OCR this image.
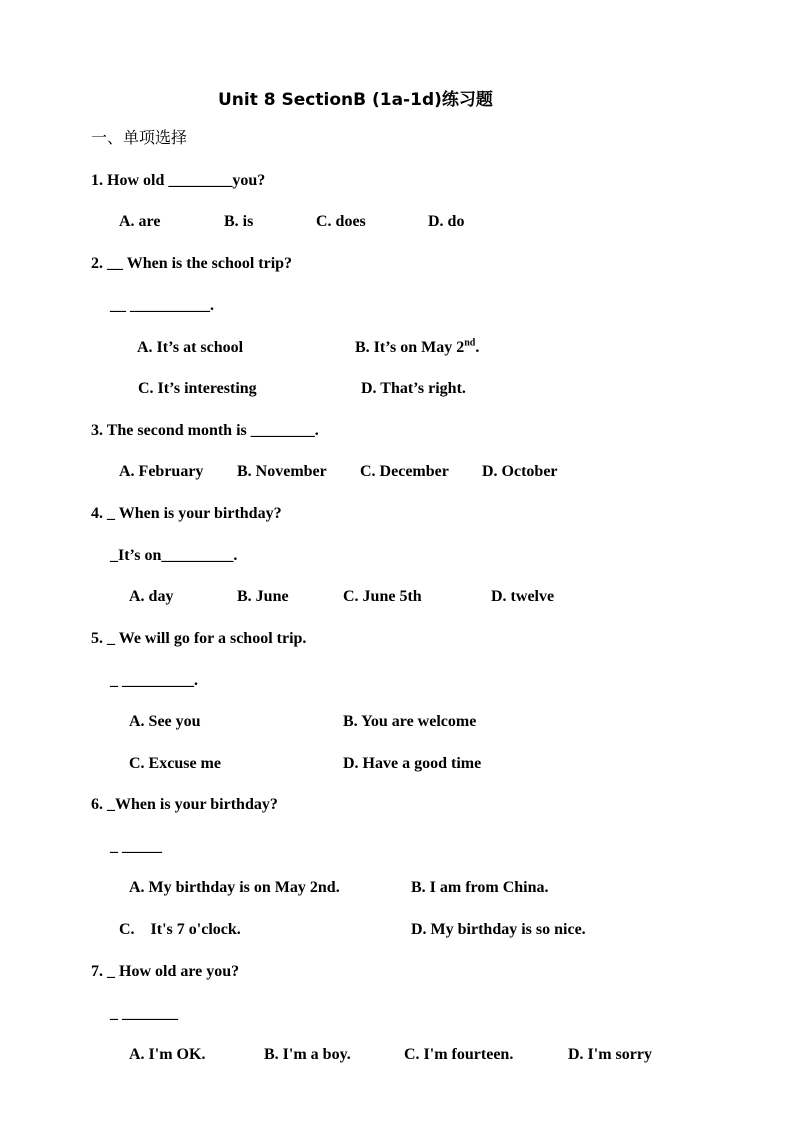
Unit 8 SectionB (1a-1d)练习题
一、单项选择
1. How old ________you?
A. are	B. is	C. does	D. do
2. __ When is the school trip?
__ __________.
A. It’s at school	B. It’s on May 2nd.
C. It’s interesting	D. That’s right.
3. The second month is ________.
A. February B. November C. December D. October
4. _ When is your birthday?
_It’s on_________.
A. day	B. June	C. June 5th	D. twelve
5. _ We will go for a school trip.
_ _________.
A. See you	B. You are welcome
C. Excuse me	D. Have a good time
6. _When is your birthday?
_ _____
A. My birthday is on May 2nd.	B. I am from China.
C.    It's 7 o'clock.	D. My birthday is so nice.
7. _ How old are you?
_ _______
A. I'm OK.	B. I'm a boy.	C. I'm fourteen.	D. I'm sorry
